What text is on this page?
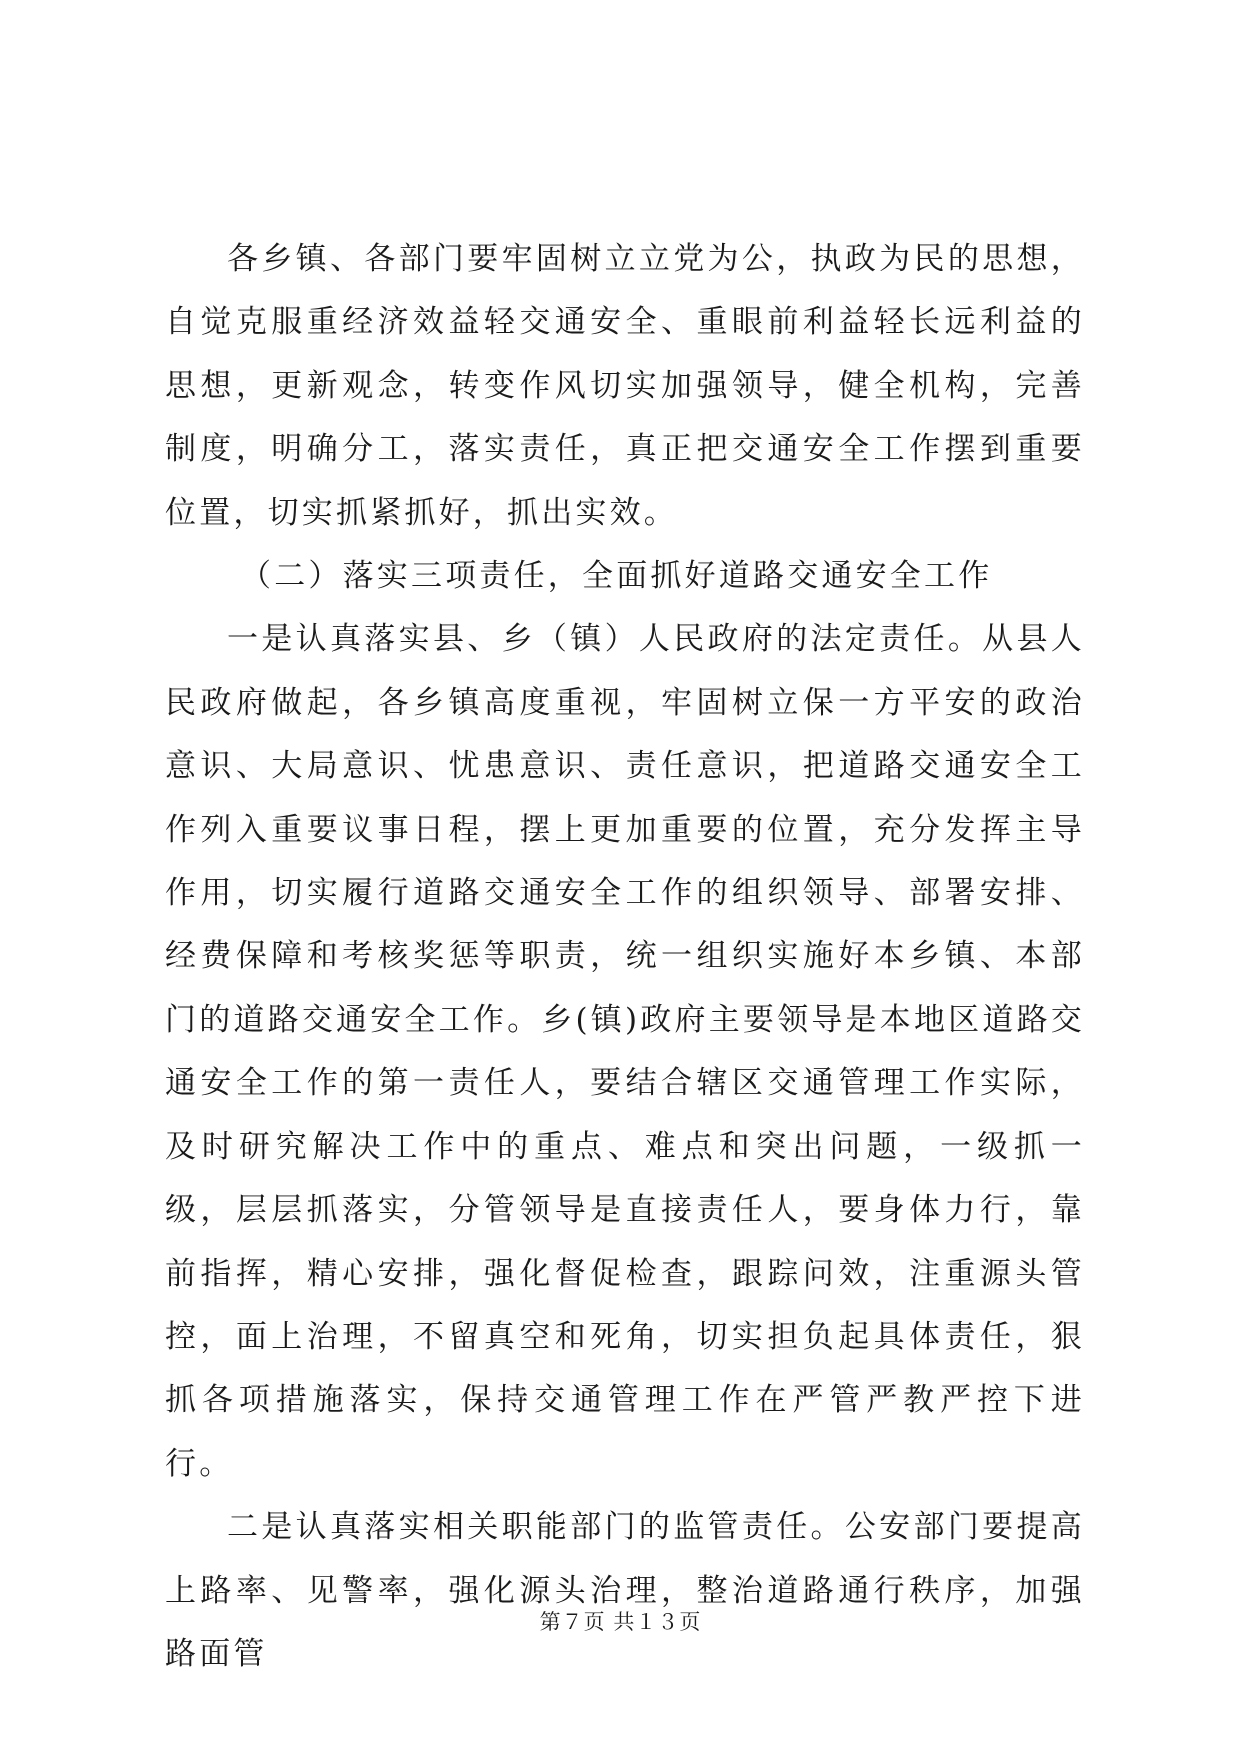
各乡镇、各部门要牢固树立立党为公，执政为民的思想，自觉克服重经济效益轻交通安全、重眼前利益轻长远利益的思想，更新观念，转变作风切实加强领导，健全机构，完善制度，明确分工，落实责任，真正把交通安全工作摆到重要位置，切实抓紧抓好，抓出实效。

（二）落实三项责任，全面抓好道路交通安全工作

一是认真落实县、乡（镇）人民政府的法定责任。从县人民政府做起，各乡镇高度重视，牢固树立保一方平安的政治意识、大局意识、忧患意识、责任意识，把道路交通安全工作列入重要议事日程，摆上更加重要的位置，充分发挥主导作用，切实履行道路交通安全工作的组织领导、部署安排、经费保障和考核奖惩等职责，统一组织实施好本乡镇、本部门的道路交通安全工作。乡(镇)政府主要领导是本地区道路交通安全工作的第一责任人，要结合辖区交通管理工作实际，及时研究解决工作中的重点、难点和突出问题，一级抓一级，层层抓落实，分管领导是直接责任人，要身体力行，靠前指挥，精心安排，强化督促检查，跟踪问效，注重源头管控，面上治理，不留真空和死角，切实担负起具体责任，狠抓各项措施落实，保持交通管理工作在严管严教严控下进行。

二是认真落实相关职能部门的监管责任。公安部门要提高上路率、见警率，强化源头治理，整治道路通行秩序，加强路面管

第７页 共１３页
